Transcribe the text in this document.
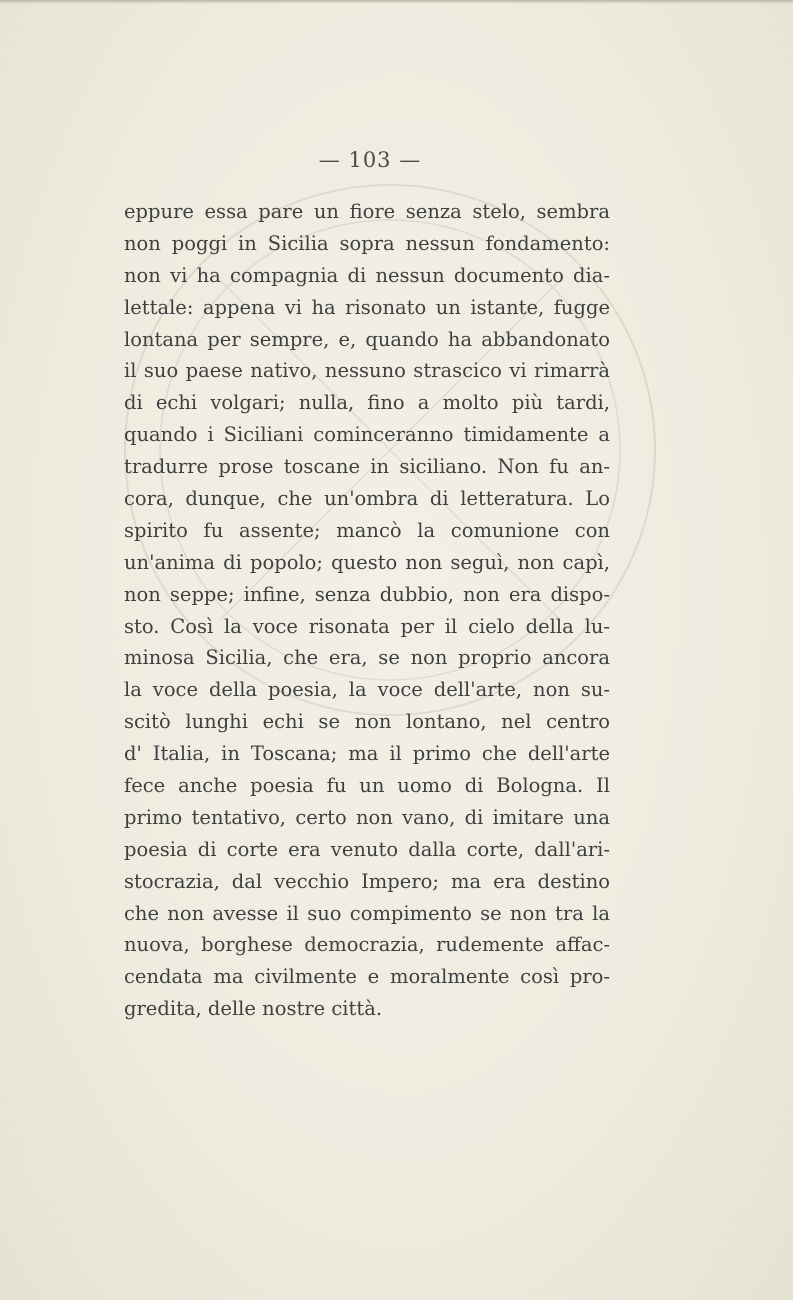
— 103 —
eppure essa pare un fiore senza stelo, sembra
non poggi in Sicilia sopra nessun fondamento:
non vi ha compagnia di nessun documento dia-
lettale: appena vi ha risonato un istante, fugge
lontana per sempre, e, quando ha abbandonato
il suo paese nativo, nessuno strascico vi rimarrà
di echi volgari; nulla, fino a molto più tardi,
quando i Siciliani cominceranno timidamente a
tradurre prose toscane in siciliano. Non fu an-
cora, dunque, che un'ombra di letteratura. Lo
spirito fu assente; mancò la comunione con
un'anima di popolo; questo non seguì, non capì,
non seppe; infine, senza dubbio, non era dispo-
sto. Così la voce risonata per il cielo della lu-
minosa Sicilia, che era, se non proprio ancora
la voce della poesia, la voce dell'arte, non su-
scitò lunghi echi se non lontano, nel centro
d' Italia, in Toscana; ma il primo che dell'arte
fece anche poesia fu un uomo di Bologna. Il
primo tentativo, certo non vano, di imitare una
poesia di corte era venuto dalla corte, dall'ari-
stocrazia, dal vecchio Impero; ma era destino
che non avesse il suo compimento se non tra la
nuova, borghese democrazia, rudemente affac-
cendata ma civilmente e moralmente così pro-
gredita, delle nostre città.
